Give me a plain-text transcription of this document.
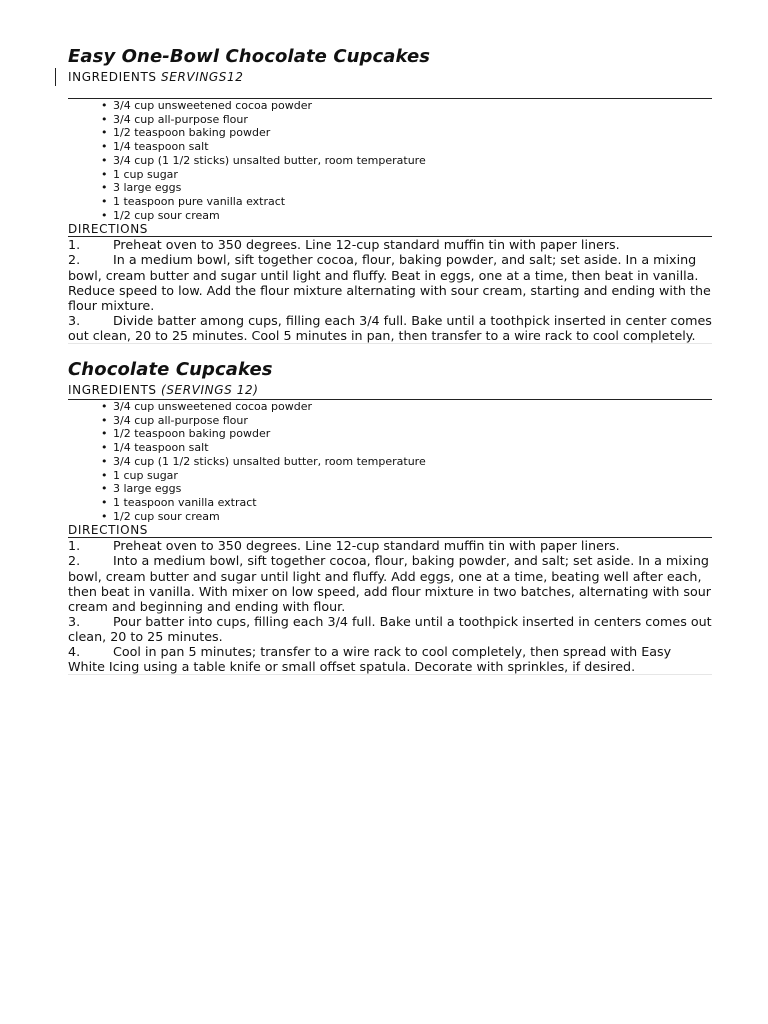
Easy One-Bowl Chocolate Cupcakes

INGREDIENTS SERVINGS12

• 3/4 cup unsweetened cocoa powder
• 3/4 cup all-purpose flour
• 1/2 teaspoon baking powder
• 1/4 teaspoon salt
• 3/4 cup (1 1/2 sticks) unsalted butter, room temperature
• 1 cup sugar
• 3 large eggs
• 1 teaspoon pure vanilla extract
• 1/2 cup sour cream

DIRECTIONS

1.	Preheat oven to 350 degrees. Line 12-cup standard muffin tin with paper liners.
2.	In a medium bowl, sift together cocoa, flour, baking powder, and salt; set aside. In a mixing bowl, cream butter and sugar until light and fluffy. Beat in eggs, one at a time, then beat in vanilla. Reduce speed to low. Add the flour mixture alternating with sour cream, starting and ending with the flour mixture.
3.	Divide batter among cups, filling each 3/4 full. Bake until a toothpick inserted in center comes out clean, 20 to 25 minutes. Cool 5 minutes in pan, then transfer to a wire rack to cool completely.
Chocolate Cupcakes

INGREDIENTS (SERVINGS 12)

• 3/4 cup unsweetened cocoa powder
• 3/4 cup all-purpose flour
• 1/2 teaspoon baking powder
• 1/4 teaspoon salt
• 3/4 cup (1 1/2 sticks) unsalted butter, room temperature
• 1 cup sugar
• 3 large eggs
• 1 teaspoon vanilla extract
• 1/2 cup sour cream

DIRECTIONS

1.	Preheat oven to 350 degrees. Line 12-cup standard muffin tin with paper liners.
2.	Into a medium bowl, sift together cocoa, flour, baking powder, and salt; set aside. In a mixing bowl, cream butter and sugar until light and fluffy. Add eggs, one at a time, beating well after each, then beat in vanilla. With mixer on low speed, add flour mixture in two batches, alternating with sour cream and beginning and ending with flour.
3.	Pour batter into cups, filling each 3/4 full. Bake until a toothpick inserted in centers comes out clean, 20 to 25 minutes.
4.	Cool in pan 5 minutes; transfer to a wire rack to cool completely, then spread with Easy White Icing using a table knife or small offset spatula. Decorate with sprinkles, if desired.
